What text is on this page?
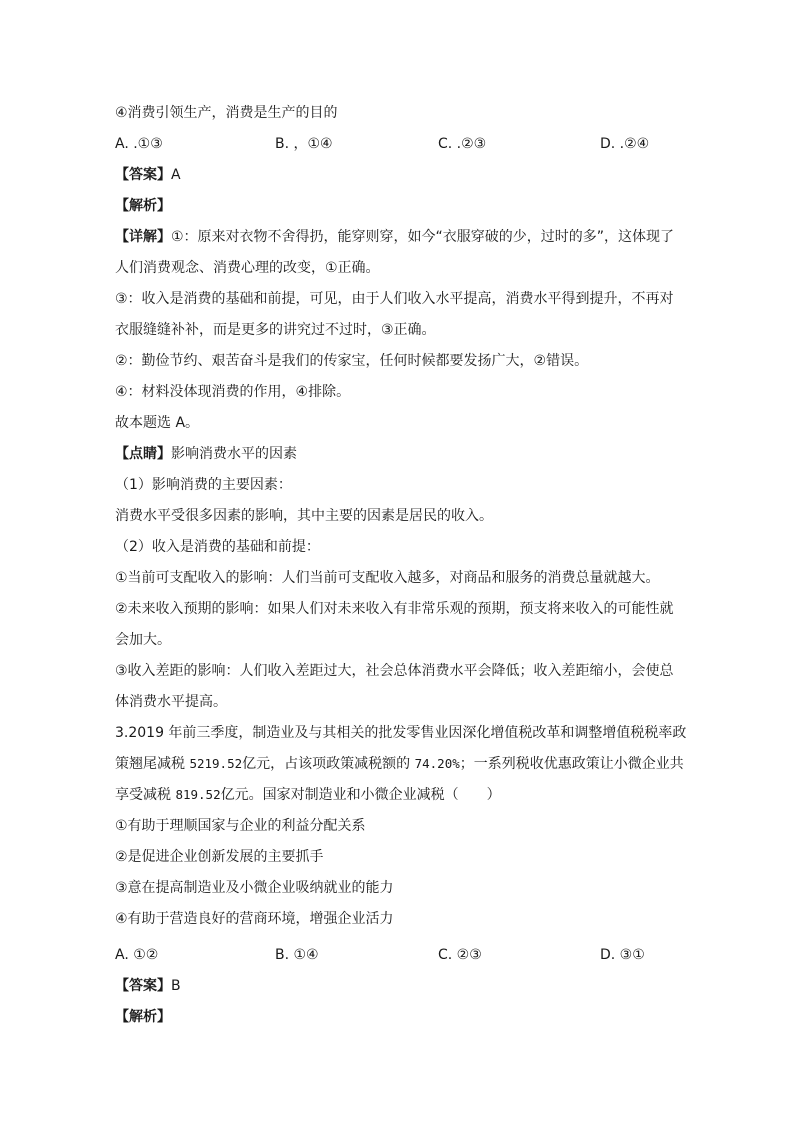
④消费引领生产，消费是生产的目的
A. .①③	B. ，①④	C. .②③	D. .②④
【答案】A
【解析】
【详解】①：原来对衣物不舍得扔，能穿则穿，如今“衣服穿破的少，过时的多”，这体现了
人们消费观念、消费心理的改变，①正确。
③：收入是消费的基础和前提，可见，由于人们收入水平提高，消费水平得到提升，不再对
衣服缝缝补补，而是更多的讲究过不过时，③正确。
②：勤俭节约、艰苦奋斗是我们的传家宝，任何时候都要发扬广大，②错误。
④：材料没体现消费的作用，④排除。
故本题选 A。
【点睛】影响消费水平的因素
（1）影响消费的主要因素：
消费水平受很多因素的影响，其中主要的因素是居民的收入。
（2）收入是消费的基础和前提：
①当前可支配收入的影响：人们当前可支配收入越多，对商品和服务的消费总量就越大。
②未来收入预期的影响：如果人们对未来收入有非常乐观的预期，预支将来收入的可能性就
会加大。
③收入差距的影响：人们收入差距过大，社会总体消费水平会降低；收入差距缩小，会使总
体消费水平提高。
3.2019 年前三季度，制造业及与其相关的批发零售业因深化增值税改革和调整增值税税率政
策翘尾减税 5219.52亿元，占该项政策减税额的 74.20%；一系列税收优惠政策让小微企业共
享受减税 819.52亿元。国家对制造业和小微企业减税（　　）
①有助于理顺国家与企业的利益分配关系
②是促进企业创新发展的主要抓手
③意在提高制造业及小微企业吸纳就业的能力
④有助于营造良好的营商环境，增强企业活力
A. ①②	B. ①④	C. ②③	D. ③①
【答案】B
【解析】
